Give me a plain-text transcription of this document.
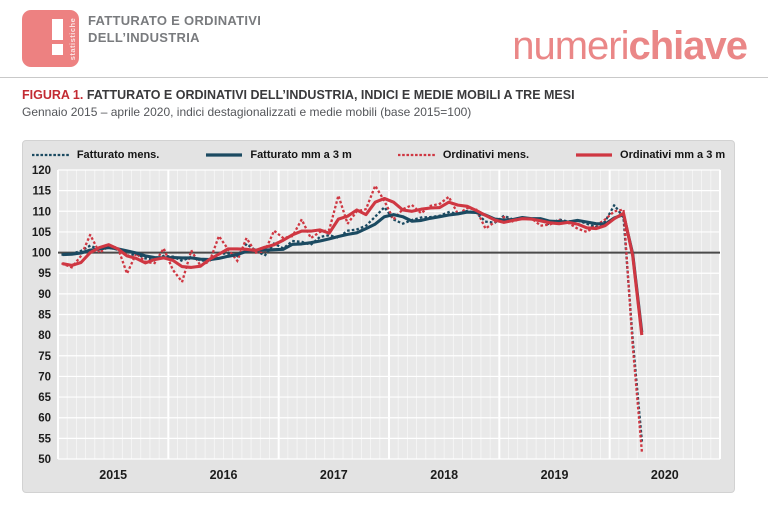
statistiche FATTURATO E ORDINATIVI
DELL’INDUSTRIA	numerichiave
FIGURA 1. FATTURATO E ORDINATIVI DELL’INDUSTRIA, INDICI E MEDIE MOBILI A TRE MESI
Gennaio 2015 – aprile 2020, indici destagionalizzati e medie mobili (base 2015=100)
Fatturato mens.	Fatturato mm a 3 m	Ordinativi mens.	Ordinativi mm a 3 m
50
55
60
65
70
75
80
85
90
95
100
105
110
115
120
2015	2016	2017	2018	2019	2020
